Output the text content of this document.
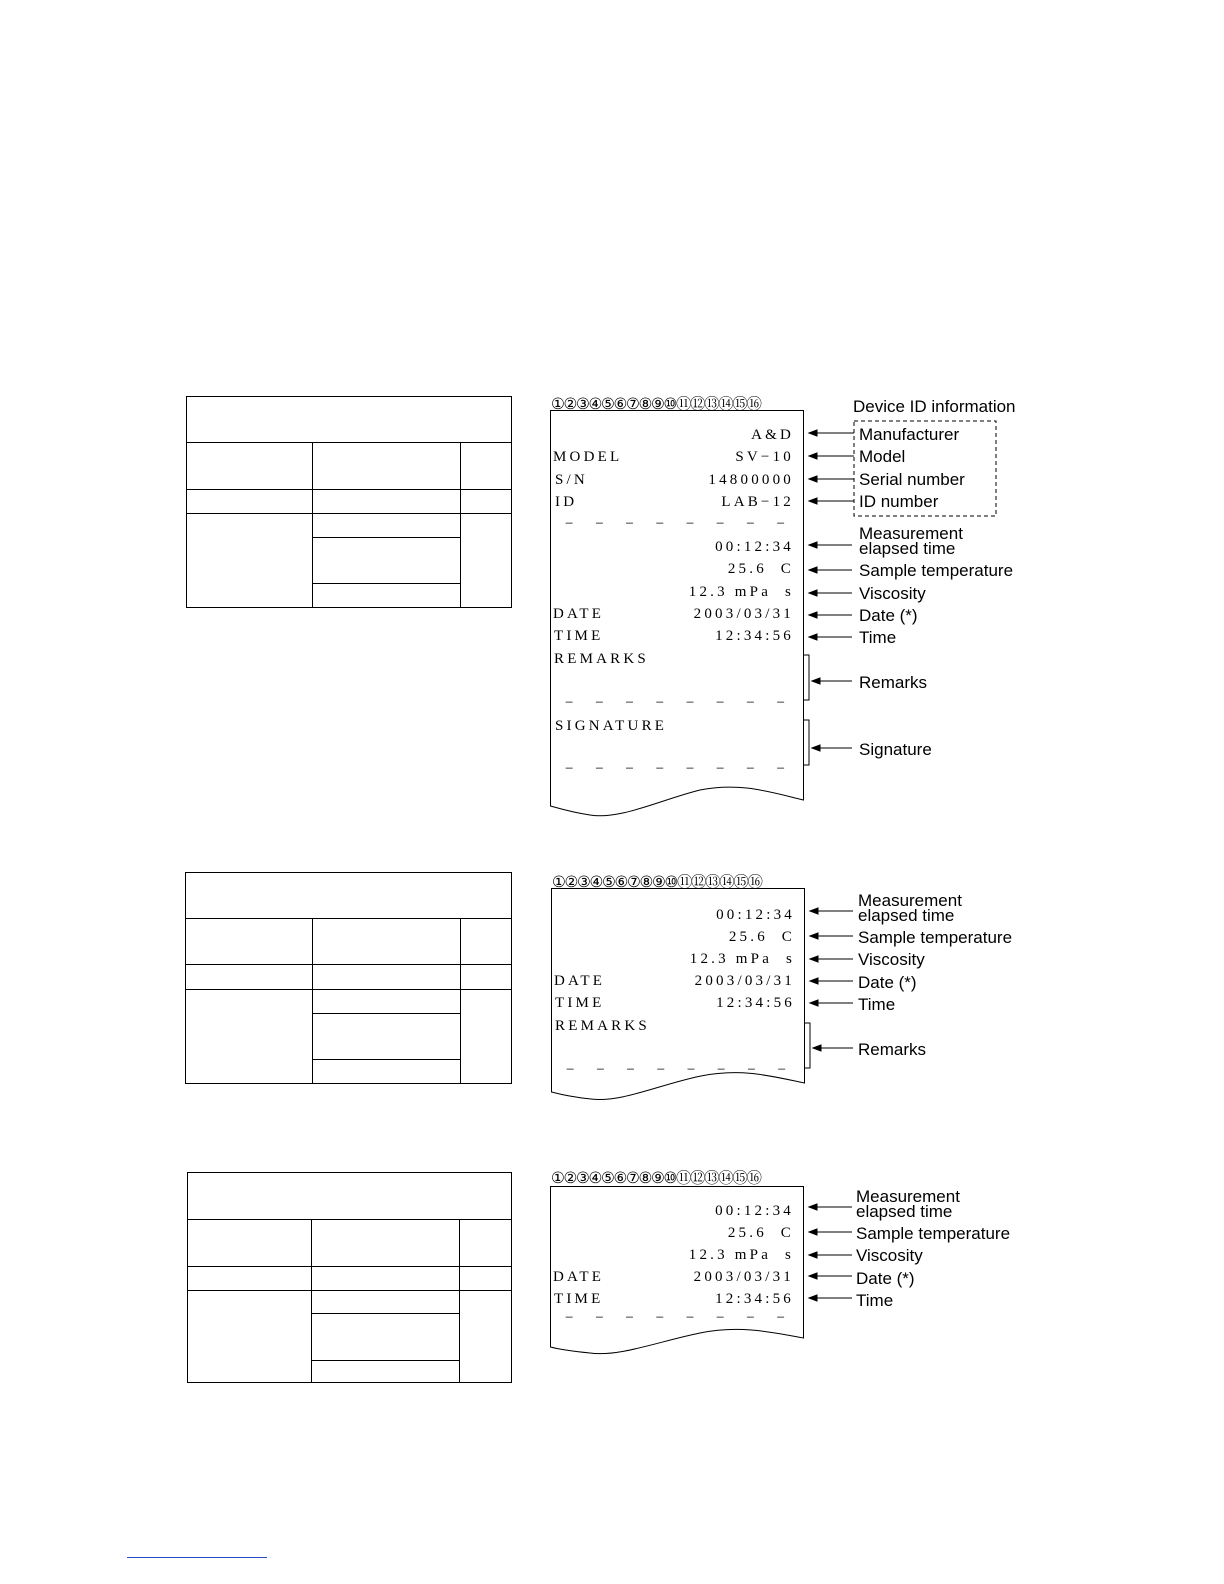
①②③④⑤⑥⑦⑧⑨⑩⑪⑫⑬⑭⑮⑯
A&D
MODEL	SV−10
S/N	14800000
ID	LAB−12
− − − − − − − −
00:12:34
25.6  C
12.3 mPa  s
DATE	2003/03/31
TIME	12:34:56
REMARKS
− − − − − − − −
SIGNATURE
− − − − − − − −
Device ID information
Manufacturer
Model
Serial number
ID number
Measurement
elapsed time
Sample temperature
Viscosity
Date (*)
Time
Remarks
Signature
①②③④⑤⑥⑦⑧⑨⑩⑪⑫⑬⑭⑮⑯
00:12:34
25.6  C
12.3 mPa  s
DATE	2003/03/31
TIME	12:34:56
REMARKS
− − − − − − − −
Measurement
elapsed time
Sample temperature
Viscosity
Date (*)
Time
Remarks
①②③④⑤⑥⑦⑧⑨⑩⑪⑫⑬⑭⑮⑯
00:12:34
25.6  C
12.3 mPa  s
DATE	2003/03/31
TIME	12:34:56
− − − − − − − −
Measurement
elapsed time
Sample temperature
Viscosity
Date (*)
Time
